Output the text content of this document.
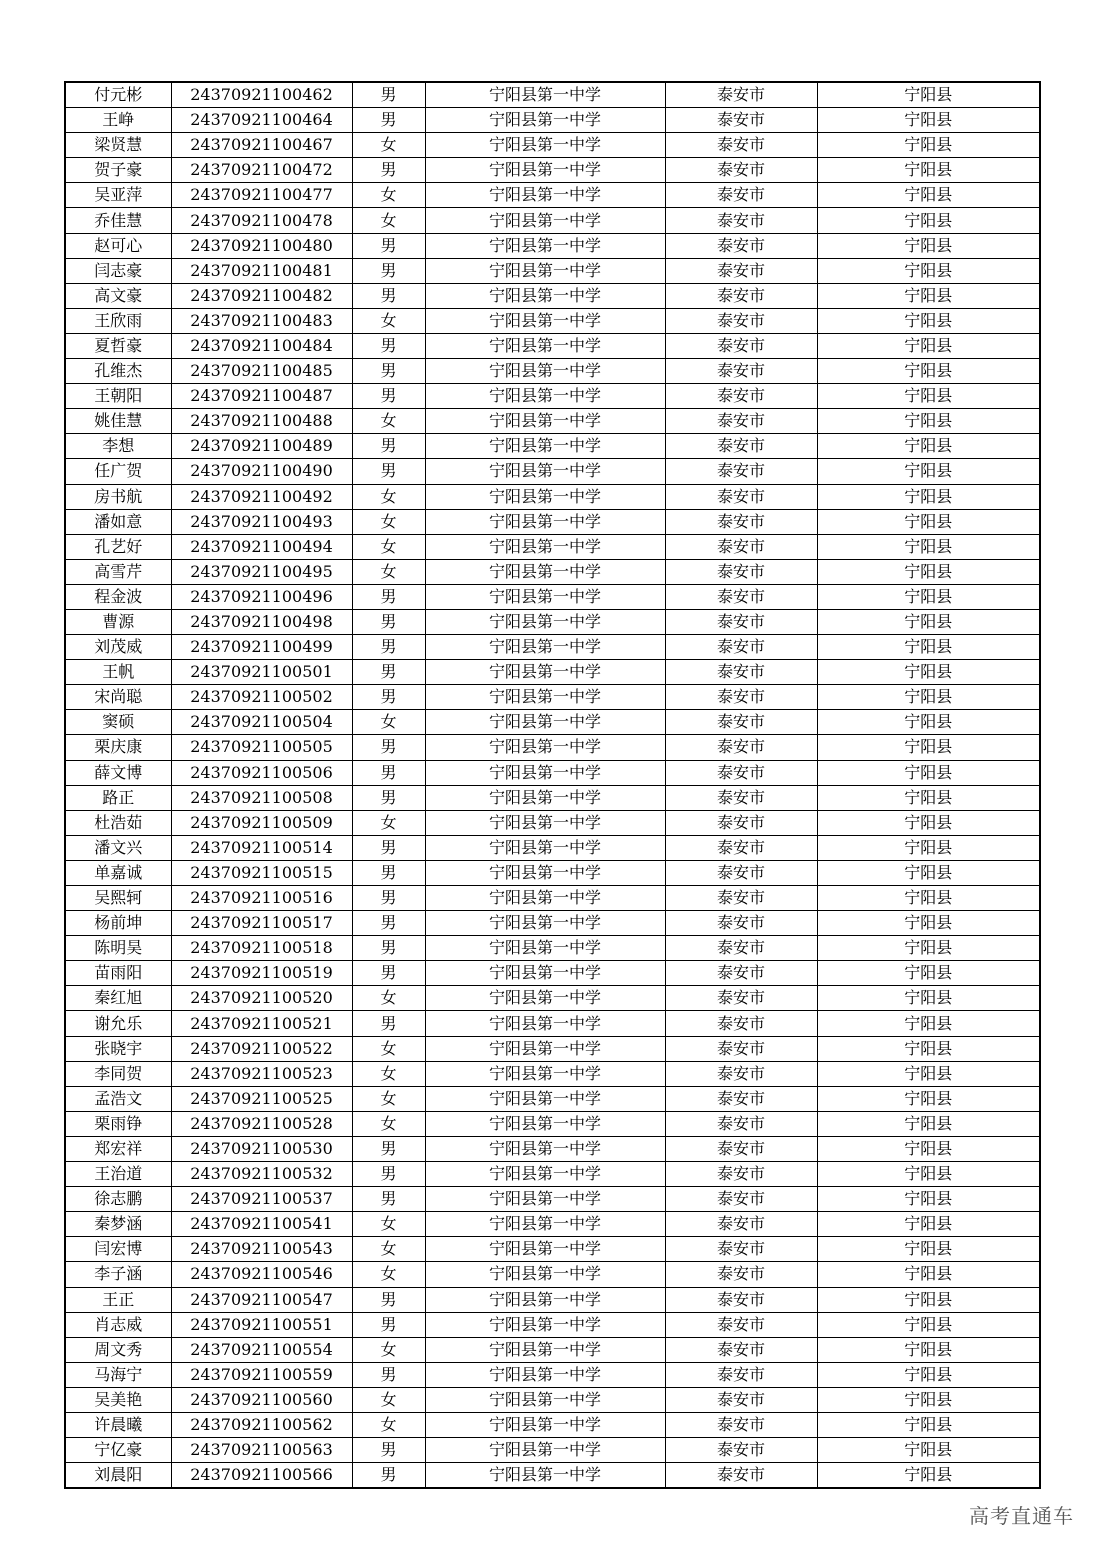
付元彬	24370921100462	男	宁阳县第一中学	泰安市	宁阳县
王峥	24370921100464	男	宁阳县第一中学	泰安市	宁阳县
梁贤慧	24370921100467	女	宁阳县第一中学	泰安市	宁阳县
贺子豪	24370921100472	男	宁阳县第一中学	泰安市	宁阳县
吴亚萍	24370921100477	女	宁阳县第一中学	泰安市	宁阳县
乔佳慧	24370921100478	女	宁阳县第一中学	泰安市	宁阳县
赵可心	24370921100480	男	宁阳县第一中学	泰安市	宁阳县
闫志豪	24370921100481	男	宁阳县第一中学	泰安市	宁阳县
高文豪	24370921100482	男	宁阳县第一中学	泰安市	宁阳县
王欣雨	24370921100483	女	宁阳县第一中学	泰安市	宁阳县
夏哲豪	24370921100484	男	宁阳县第一中学	泰安市	宁阳县
孔维杰	24370921100485	男	宁阳县第一中学	泰安市	宁阳县
王朝阳	24370921100487	男	宁阳县第一中学	泰安市	宁阳县
姚佳慧	24370921100488	女	宁阳县第一中学	泰安市	宁阳县
李想	24370921100489	男	宁阳县第一中学	泰安市	宁阳县
任广贺	24370921100490	男	宁阳县第一中学	泰安市	宁阳县
房书航	24370921100492	女	宁阳县第一中学	泰安市	宁阳县
潘如意	24370921100493	女	宁阳县第一中学	泰安市	宁阳县
孔艺好	24370921100494	女	宁阳县第一中学	泰安市	宁阳县
高雪芹	24370921100495	女	宁阳县第一中学	泰安市	宁阳县
程金波	24370921100496	男	宁阳县第一中学	泰安市	宁阳县
曹源	24370921100498	男	宁阳县第一中学	泰安市	宁阳县
刘茂威	24370921100499	男	宁阳县第一中学	泰安市	宁阳县
王帆	24370921100501	男	宁阳县第一中学	泰安市	宁阳县
宋尚聪	24370921100502	男	宁阳县第一中学	泰安市	宁阳县
窦硕	24370921100504	女	宁阳县第一中学	泰安市	宁阳县
栗庆康	24370921100505	男	宁阳县第一中学	泰安市	宁阳县
薛文博	24370921100506	男	宁阳县第一中学	泰安市	宁阳县
路正	24370921100508	男	宁阳县第一中学	泰安市	宁阳县
杜浩茹	24370921100509	女	宁阳县第一中学	泰安市	宁阳县
潘文兴	24370921100514	男	宁阳县第一中学	泰安市	宁阳县
单嘉诚	24370921100515	男	宁阳县第一中学	泰安市	宁阳县
吴熙轲	24370921100516	男	宁阳县第一中学	泰安市	宁阳县
杨前坤	24370921100517	男	宁阳县第一中学	泰安市	宁阳县
陈明昊	24370921100518	男	宁阳县第一中学	泰安市	宁阳县
苗雨阳	24370921100519	男	宁阳县第一中学	泰安市	宁阳县
秦红旭	24370921100520	女	宁阳县第一中学	泰安市	宁阳县
谢允乐	24370921100521	男	宁阳县第一中学	泰安市	宁阳县
张晓宇	24370921100522	女	宁阳县第一中学	泰安市	宁阳县
李同贺	24370921100523	女	宁阳县第一中学	泰安市	宁阳县
孟浩文	24370921100525	女	宁阳县第一中学	泰安市	宁阳县
栗雨铮	24370921100528	女	宁阳县第一中学	泰安市	宁阳县
郑宏祥	24370921100530	男	宁阳县第一中学	泰安市	宁阳县
王治道	24370921100532	男	宁阳县第一中学	泰安市	宁阳县
徐志鹏	24370921100537	男	宁阳县第一中学	泰安市	宁阳县
秦梦涵	24370921100541	女	宁阳县第一中学	泰安市	宁阳县
闫宏博	24370921100543	女	宁阳县第一中学	泰安市	宁阳县
李子涵	24370921100546	女	宁阳县第一中学	泰安市	宁阳县
王正	24370921100547	男	宁阳县第一中学	泰安市	宁阳县
肖志威	24370921100551	男	宁阳县第一中学	泰安市	宁阳县
周文秀	24370921100554	女	宁阳县第一中学	泰安市	宁阳县
马海宁	24370921100559	男	宁阳县第一中学	泰安市	宁阳县
吴美艳	24370921100560	女	宁阳县第一中学	泰安市	宁阳县
许晨曦	24370921100562	女	宁阳县第一中学	泰安市	宁阳县
宁亿豪	24370921100563	男	宁阳县第一中学	泰安市	宁阳县
刘晨阳	24370921100566	男	宁阳县第一中学	泰安市	宁阳县
高考直通车
